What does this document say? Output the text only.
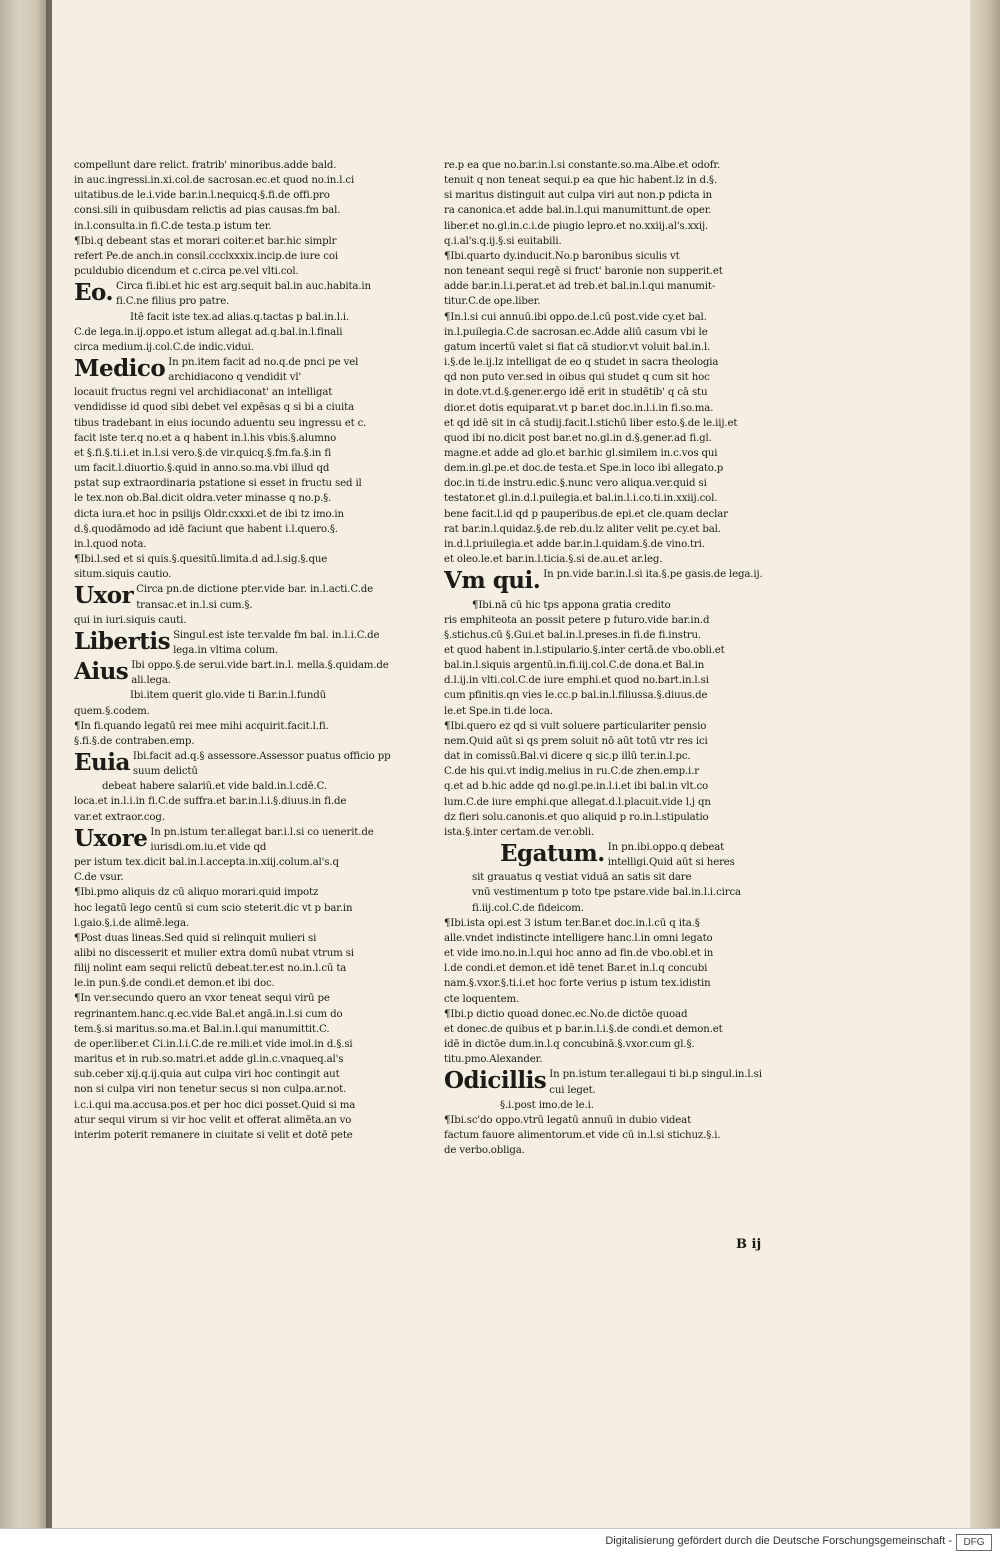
compellunt dare relict. fratrib' minoribus.adde bald.
in auc.ingressi.in.xi.col.de sacrosan.ec.et quod no.in.l.ci
uitatibus.de le.i.vide bar.in.l.nequicq.§.fi.de offi.pro
consi.sili in quibusdam relictis ad pias causas.fm bal.
in.l.consulta.in fi.C.de testa.p istum ter.
¶Ibi.q debeant stas et morari coiter.et bar.hic simplr
refert Pe.de anch.in consil.ccclxxxix.incip.de iure coi
pculdubio dicendum et c.circa pe.vel vlti.col.
Eo. Circa fi.ibi.et hic est arg.sequit bal.in auc.habita.in fi.C.ne filius pro patre.
Itē facit iste tex.ad alias.q.tactas p bal.in.l.i.
C.de lega.in.ij.oppo.et istum allegat ad.q.bal.in.l.finali
circa medium.ij.col.C.de indic.vidui.
Medico In pn.item facit ad no.q.de pnci pe vel archidiacono q vendidit vl'
locauit fructus regni vel archidiaconat' an intelligat
vendidisse id quod sibi debet vel expēsas q si bi a ciuita
tibus tradebant in eius iocundo aduentu seu ingressu et c.
facit iste ter.q no.et a q habent in.l.his vbis.§.alumno
et §.fi.§.ti.i.et in.l.si vero.§.de vir.quicq.§.fm.fa.§.in fi
um facit.l.diuortio.§.quid in anno.so.ma.vbi illud qd
pstat sup extraordinaria pstatione si esset in fructu sed il
le tex.non ob.Bal.dicit oldra.veter minasse q no.p.§.
dicta iura.et hoc in psilijs Oldr.cxxxi.et de ibi tz imo.in
d.§.quodāmodo ad idē faciunt que habent i.l.quero.§.
in.l.quod nota.
¶Ibi.l.sed et si quis.§.quesitū.limita.d ad.l.sig.§.que
situm.siquis cautio.
Uxor Circa pn.de dictione pter.vide bar. in.l.acti.C.de transac.et in.l.si cum.§.
qui in iuri.siquis cauti.
Libertis Singul.est iste ter.valde fm bal. in.l.i.C.de lega.in vltima colum.
Aius Ibi oppo.§.de serui.vide bart.in.l. mella.§.quidam.de ali.lega.
Ibi.item querit glo.vide ti Bar.in.l.fundū
quem.§.codem.
¶In fi.quando legatū rei mee mihi acquirit.facit.l.fi.
§.fi.§.de contraben.emp.
Euia Ibi.facit ad.q.§ assessore.Assessor puatus officio pp suum delictū
debeat habere salariū.et vide bald.in.l.cdē.C.
loca.et in.l.i.in fi.C.de suffra.et bar.in.l.i.§.diuus.in fi.de
var.et extraor.cog.
Uxore In pn.istum ter.allegat bar.i.l.si co uenerit.de iurisdi.om.iu.et vide qd
per istum tex.dicit bal.in.l.accepta.in.xiij.colum.al's.q
C.de vsur.
¶Ibi.pmo aliquis dz cū aliquo morari.quid impotz
hoc legatū lego centū si cum scio steterit.dic vt p bar.in
l.gaio.§.i.de alimē.lega.
¶Post duas lineas.Sed quid si relinquit mulieri si
alibi no discesserit et mulier extra domū nubat vtrum si
filij nolint eam sequi relictū debeat.ter.est no.in.l.cū ta
le.in pun.§.de condi.et demon.et ibi doc.
¶In ver.secundo quero an vxor teneat sequi virū pe
regrinantem.hanc.q.ec.vide Bal.et angā.in.l.si cum do
tem.§.si maritus.so.ma.et Bal.in.l.qui manumittit.C.
de oper.liber.et Ci.in.l.i.C.de re.mili.et vide imol.in d.§.si
maritus et in rub.so.matri.et adde gl.in.c.vnaqueq.al's
sub.ceber xij.q.ij.quia aut culpa viri hoc contingit aut
non si culpa viri non tenetur secus si non culpa.ar.not.
i.c.i.qui ma.accusa.pos.et per hoc dici posset.Quid si ma
atur sequi virum si vir hoc velit et offerat alimēta.an vo
interim poterit remanere in ciuitate si velit et dotē pete
re.p ea que no.bar.in.l.si constante.so.ma.Albe.et odofr.
tenuit q non teneat sequi.p ea que hic habent.lz in d.§.
si maritus distinguit aut culpa viri aut non.p pdicta in
ra canonica.et adde bal.in.l.qui manumittunt.de oper.
liber.et no.gl.in.c.i.de piugio lepro.et no.xxiij.al's.xxij.
q.i.al's.q.ij.§.si euitabili.
¶Ibi.quarto dy.inducit.No.p baronibus siculis vt
non teneant sequi regē si fruct' baronie non supperit.et
adde bar.in.l.i.perat.et ad treb.et bal.in.l.qui manumit-
titur.C.de ope.liber.
¶In.l.si cui annuū.ibi oppo.de.l.cū post.vide cy.et bal.
in.l.puilegia.C.de sacrosan.ec.Adde aliū casum vbi le
gatum incertū valet si fiat cā studior.vt voluit bal.in.l.
i.§.de le.ij.lz intelligat de eo q studet in sacra theologia
qd non puto ver.sed in oibus qui studet q cum sit hoc
in dote.vt.d.§.gener.ergo idē erit in studētib' q cā stu
dior.et dotis equiparat.vt p bar.et doc.in.l.i.in fi.so.ma.
et qd idē sit in cā studij.facit.l.stichū liber esto.§.de le.iij.et
quod ibi no.dicit post bar.et no.gl.in d.§.gener.ad fi.gl.
magne.et adde ad glo.et bar.hic gl.similem in.c.vos qui
dem.in.gl.pe.et doc.de testa.et Spe.in loco ibi allegato.p
doc.in ti.de instru.edic.§.nunc vero aliqua.ver.quid si
testator.et gl.in.d.l.puilegia.et bal.in.l.i.co.ti.in.xxiij.col.
bene facit.l.id qd p pauperibus.de epi.et cle.quam declar
rat bar.in.l.quidaz.§.de reb.du.lz aliter velit pe.cy.et bal.
in.d.l.priuilegia.et adde bar.in.l.quidam.§.de vino.tri.
et oleo.le.et bar.in.l.ticia.§.si de.au.et ar.leg.
Vm qui. In pn.vide bar.in.l.si ita.§.pe gasis.de lega.ij.
¶Ibi.nā cū hic tps appona gratia credito
ris emphiteota an possit petere p futuro.vide bar.in.d
§.stichus.cū §.Gui.et bal.in.l.preses.in fi.de fi.instru.
et quod habent in.l.stipulario.§.inter certā.de vbo.obli.et
bal.in.l.siquis argentū.in.fi.iij.col.C.de dona.et Bal.in
d.l.ij.in vlti.col.C.de iure emphi.et quod no.bart.in.l.si
cum pfinitis.qn vies le.cc.p bal.in.l.filiussa.§.diuus.de
le.et Spe.in ti.de loca.
¶Ibi.quero ez qd si vult soluere particulariter pensio
nem.Quid aūt si qs prem soluit nō aūt totū vtr res ici
dat in comissū.Bal.vi dicere q sic.p illū ter.in.l.pc.
C.de his qui.vt indig.melius in ru.C.de zhen.emp.i.r
q.et ad b.hic adde qd no.gl.pe.in.l.i.et ibi bal.in vlt.co
lum.C.de iure emphi.que allegat.d.l.placuit.vide l.j qn
dz fieri solu.canonis.et quo aliquid p ro.in.l.stipulatio
ista.§.inter certam.de ver.obli.
Egatum. In pn.ibi.oppo.q debeat intelligi.Quid aūt si heres
sit grauatus q vestiat viduā an satis sit dare
vnū vestimentum p toto tpe pstare.vide bal.in.l.i.circa
fi.iij.col.C.de fideicom.
¶Ibi.ista opi.est 3 istum ter.Bar.et doc.in.l.cū q ita.§
alle.vndet indistincte intelligere hanc.l.in omni legato
et vide imo.no.in.l.qui hoc anno ad fin.de vbo.obl.et in
l.de condi.et demon.et idē tenet Bar.et in.l.q concubi
nam.§.vxor.§.ti.i.et hoc forte verius p istum tex.idistin
cte loquentem.
¶Ibi.p dictio quoad donec.ec.No.de dictōe quoad
et donec.de quibus et p bar.in.l.i.§.de condi.et demon.et
idē in dictōe dum.in.l.q concubinā.§.vxor.cum gl.§.
titu.pmo.Alexander.
Odicillis In pn.istum ter.allegaui ti bi.p singul.in.l.si cui leget.
§.i.post imo.de le.i.
¶Ibi.sc'do oppo.vtrū legatū annuū in dubio videat
factum fauore alimentorum.et vide cū in.l.si stichuz.§.i.
de verbo.obliga.
B ij
Digitalisierung gefördert durch die Deutsche Forschungsgemeinschaft -	DFG
